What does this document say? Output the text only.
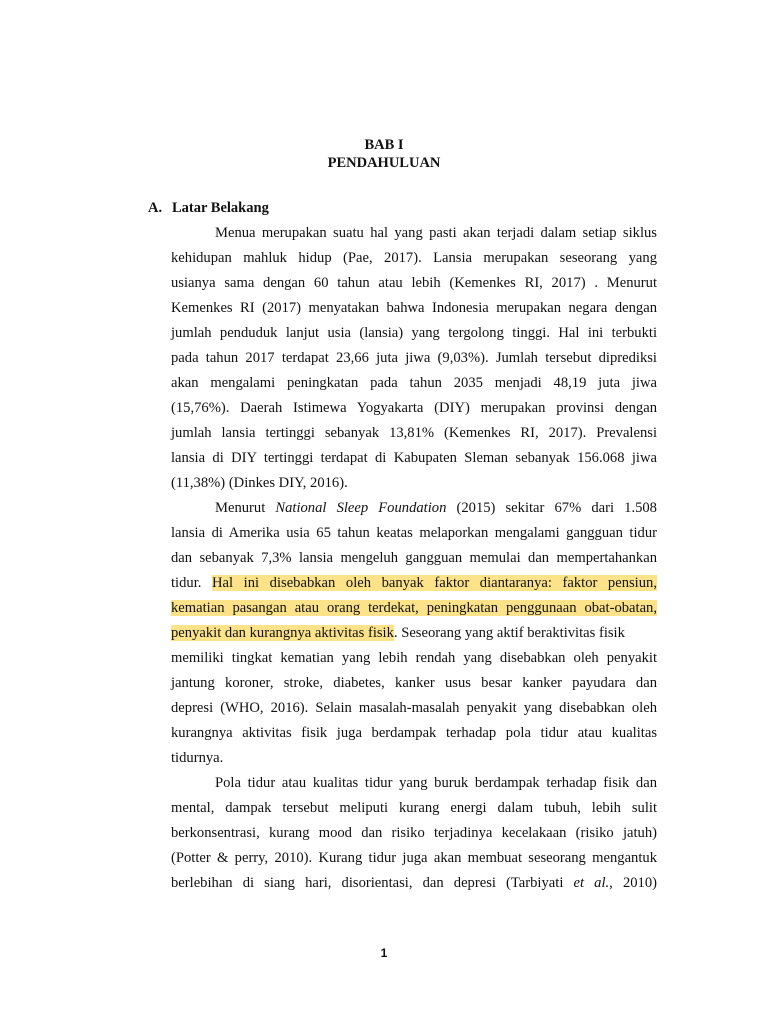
BAB I
PENDAHULUAN
A. Latar Belakang
Menua merupakan suatu hal yang pasti akan terjadi dalam setiap siklus
kehidupan mahluk hidup (Pae, 2017). Lansia merupakan seseorang yang
usianya sama dengan 60 tahun atau lebih (Kemenkes RI, 2017) . Menurut
Kemenkes RI (2017) menyatakan bahwa Indonesia merupakan negara dengan
jumlah penduduk lanjut usia (lansia) yang tergolong tinggi. Hal ini terbukti
pada tahun 2017 terdapat 23,66 juta jiwa (9,03%). Jumlah tersebut diprediksi
akan mengalami peningkatan pada tahun 2035 menjadi 48,19 juta jiwa
(15,76%). Daerah Istimewa Yogyakarta (DIY) merupakan provinsi dengan
jumlah lansia tertinggi sebanyak 13,81% (Kemenkes RI, 2017). Prevalensi
lansia di DIY tertinggi terdapat di Kabupaten Sleman sebanyak 156.068 jiwa
(11,38%) (Dinkes DIY, 2016).
Menurut National Sleep Foundation (2015) sekitar 67% dari 1.508
lansia di Amerika usia 65 tahun keatas melaporkan mengalami gangguan tidur
dan sebanyak 7,3% lansia mengeluh gangguan memulai dan mempertahankan
tidur. Hal ini disebabkan oleh banyak faktor diantaranya: faktor pensiun,
kematian pasangan atau orang terdekat, peningkatan penggunaan obat-obatan,
penyakit dan kurangnya aktivitas fisik. Seseorang yang aktif beraktivitas fisik
memiliki tingkat kematian yang lebih rendah yang disebabkan oleh penyakit
jantung koroner, stroke, diabetes, kanker usus besar kanker payudara dan
depresi (WHO, 2016). Selain masalah-masalah penyakit yang disebabkan oleh
kurangnya aktivitas fisik juga berdampak terhadap pola tidur atau kualitas
tidurnya.
Pola tidur atau kualitas tidur yang buruk berdampak terhadap fisik dan
mental, dampak tersebut meliputi kurang energi dalam tubuh, lebih sulit
berkonsentrasi, kurang mood dan risiko terjadinya kecelakaan (risiko jatuh)
(Potter & perry, 2010). Kurang tidur juga akan membuat seseorang mengantuk
berlebihan di siang hari, disorientasi, dan depresi (Tarbiyati et al., 2010)
1
